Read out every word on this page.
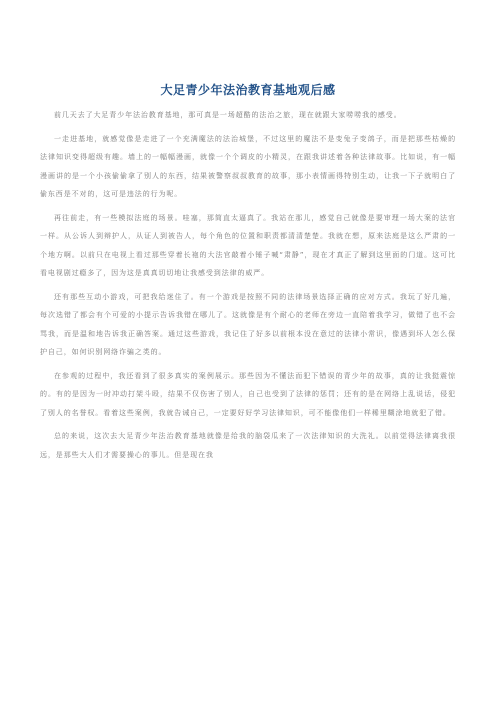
大足青少年法治教育基地观后感

前几天去了大足青少年法治教育基地，那可真是一场超酷的法治之旅，现在就跟大家唠唠我的感受。

一走进基地，就感觉像是走进了一个充满魔法的法治城堡，不过这里的魔法不是变兔子变鸽子，而是把那些枯燥的法律知识变得超级有趣。墙上的一幅幅漫画，就像一个个调皮的小精灵，在跟我讲述着各种法律故事。比如说，有一幅漫画讲的是一个小孩偷偷拿了别人的东西，结果被警察叔叔教育的故事，那小表情画得特别生动，让我一下子就明白了偷东西是不对的，这可是违法的行为呢。

再往前走，有一些模拟法庭的场景。哇塞，那简直太逼真了。我站在那儿，感觉自己就像是要审理一场大案的法官一样。从公诉人到辩护人，从证人到被告人，每个角色的位置和职责都清清楚楚。我就在想，原来法庭是这么严肃的一个地方啊。以前只在电视上看过那些穿着长袍的大法官敲着小锤子喊“肃静”，现在才真正了解到这里面的门道。这可比看电视剧过瘾多了，因为这是真真切切地让我感受到法律的威严。

还有那些互动小游戏，可把我给迷住了。有一个游戏是按照不同的法律场景选择正确的应对方式。我玩了好几遍，每次选错了都会有个可爱的小提示告诉我错在哪儿了。这就像是有个耐心的老师在旁边一直陪着我学习，做错了也不会骂我，而是温和地告诉我正确答案。通过这些游戏，我记住了好多以前根本没在意过的法律小常识，像遇到坏人怎么保护自己，如何识别网络诈骗之类的。

在参观的过程中，我还看到了很多真实的案例展示。那些因为不懂法而犯下错误的青少年的故事，真的让我挺震惊的。有的是因为一时冲动打架斗殴，结果不仅伤害了别人，自己也受到了法律的惩罚；还有的是在网络上乱说话，侵犯了别人的名誉权。看着这些案例，我就告诫自己，一定要好好学习法律知识，可不能像他们一样稀里糊涂地就犯了错。

总的来说，这次去大足青少年法治教育基地就像是给我的脑袋瓜来了一次法律知识的大洗礼。以前觉得法律离我很远，是那些大人们才需要操心的事儿。但是现在我
